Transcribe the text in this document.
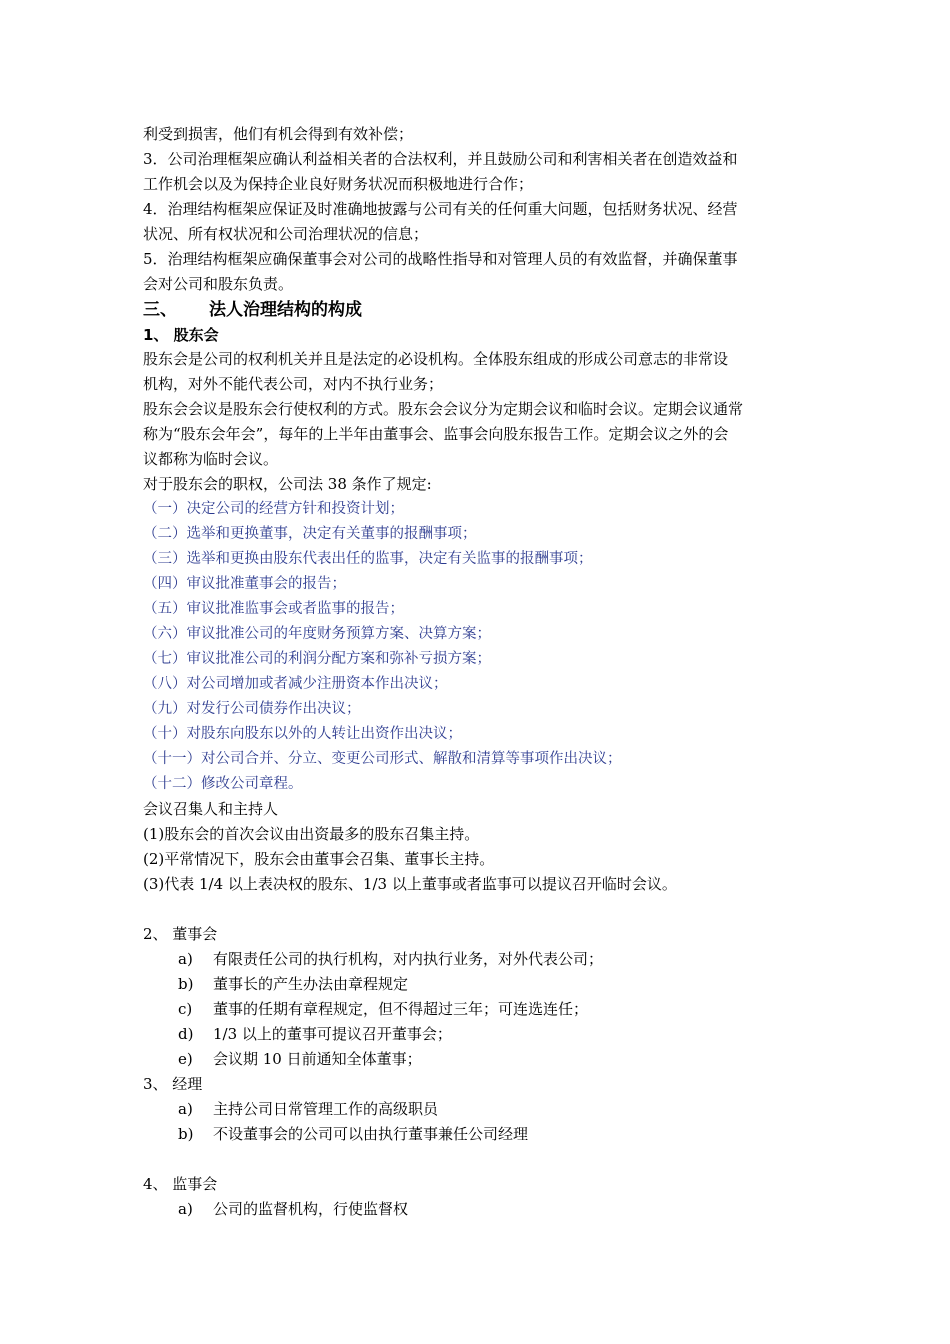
利受到损害，他们有机会得到有效补偿；
3．公司治理框架应确认利益相关者的合法权利，并且鼓励公司和利害相关者在创造效益和
工作机会以及为保持企业良好财务状况而积极地进行合作；
4．治理结构框架应保证及时准确地披露与公司有关的任何重大问题，包括财务状况、经营
状况、所有权状况和公司治理状况的信息；
5．治理结构框架应确保董事会对公司的战略性指导和对管理人员的有效监督，并确保董事
会对公司和股东负责。
三、 法人治理结构的构成
1、 股东会
股东会是公司的权利机关并且是法定的必设机构。全体股东组成的形成公司意志的非常设
机构，对外不能代表公司，对内不执行业务；
股东会会议是股东会行使权利的方式。股东会会议分为定期会议和临时会议。定期会议通常
称为“股东会年会”，每年的上半年由董事会、监事会向股东报告工作。定期会议之外的会
议都称为临时会议。
对于股东会的职权，公司法 38 条作了规定:
（一）决定公司的经营方针和投资计划；
（二）选举和更换董事，决定有关董事的报酬事项；
（三）选举和更换由股东代表出任的监事，决定有关监事的报酬事项；
（四）审议批准董事会的报告；
（五）审议批准监事会或者监事的报告；
（六）审议批准公司的年度财务预算方案、决算方案；
（七）审议批准公司的利润分配方案和弥补亏损方案；
（八）对公司增加或者减少注册资本作出决议；
（九）对发行公司债券作出决议；
（十）对股东向股东以外的人转让出资作出决议；
（十一）对公司合并、分立、变更公司形式、解散和清算等事项作出决议；
（十二）修改公司章程。
会议召集人和主持人
(1)股东会的首次会议由出资最多的股东召集主持。
(2)平常情况下，股东会由董事会召集、董事长主持。
(3)代表 1/4 以上表决权的股东、1/3 以上董事或者监事可以提议召开临时会议。
2、 董事会
a) 有限责任公司的执行机构，对内执行业务，对外代表公司；
b) 董事长的产生办法由章程规定
c) 董事的任期有章程规定，但不得超过三年；可连选连任；
d) 1/3 以上的董事可提议召开董事会；
e) 会议期 10 日前通知全体董事；
3、 经理
a) 主持公司日常管理工作的高级职员
b) 不设董事会的公司可以由执行董事兼任公司经理
4、 监事会
a) 公司的监督机构，行使监督权
